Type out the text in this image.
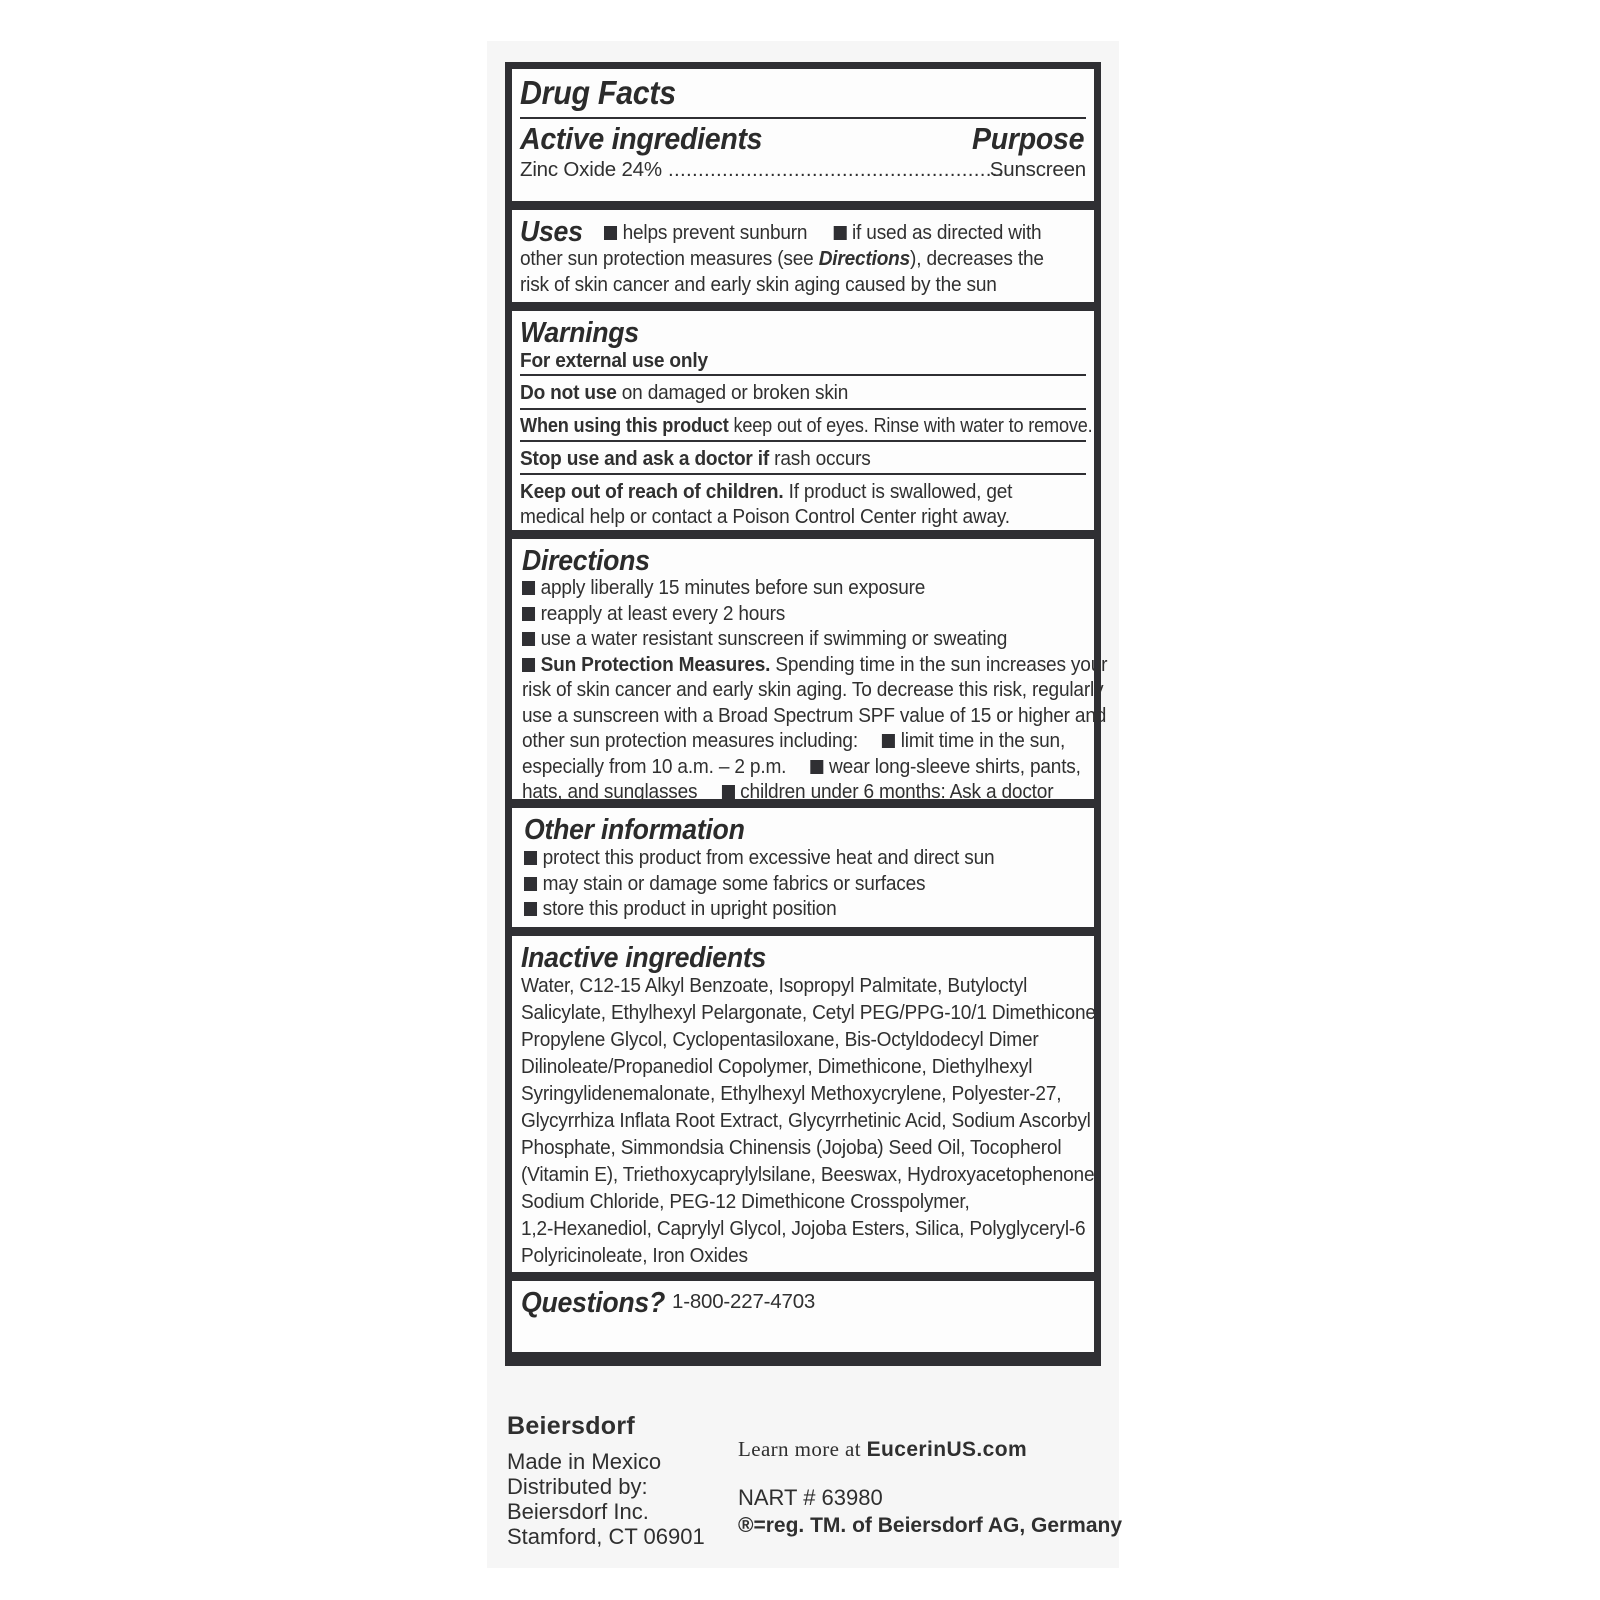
Drug Facts
Active ingredients	Purpose
Zinc Oxide 24% ........................................................
Sunscreen
Uses helps prevent sunburn if used as directed with
other sun protection measures (see Directions), decreases the
risk of skin cancer and early skin aging caused by the sun
Warnings
For external use only
Do not use on damaged or broken skin
When using this product keep out of eyes. Rinse with water to remove.
Stop use and ask a doctor if rash occurs
Keep out of reach of children. If product is swallowed, get
medical help or contact a Poison Control Center right away.
Directions
apply liberally 15 minutes before sun exposure
reapply at least every 2 hours
use a water resistant sunscreen if swimming or sweating
Sun Protection Measures. Spending time in the sun increases your
risk of skin cancer and early skin aging. To decrease this risk, regularly
use a sunscreen with a Broad Spectrum SPF value of 15 or higher and
other sun protection measures including: limit time in the sun,
especially from 10 a.m. – 2 p.m. wear long-sleeve shirts, pants,
hats, and sunglasses children under 6 months: Ask a doctor
Other information
protect this product from excessive heat and direct sun
may stain or damage some fabrics or surfaces
store this product in upright position
Inactive ingredients
Water, C12-15 Alkyl Benzoate, Isopropyl Palmitate, Butyloctyl
Salicylate, Ethylhexyl Pelargonate, Cetyl PEG/PPG-10/1 Dimethicone,
Propylene Glycol, Cyclopentasiloxane, Bis-Octyldodecyl Dimer
Dilinoleate/Propanediol Copolymer, Dimethicone, Diethylhexyl
Syringylidenemalonate, Ethylhexyl Methoxycrylene, Polyester-27,
Glycyrrhiza Inflata Root Extract, Glycyrrhetinic Acid, Sodium Ascorbyl
Phosphate, Simmondsia Chinensis (Jojoba) Seed Oil, Tocopherol
(Vitamin E), Triethoxycaprylylsilane, Beeswax, Hydroxyacetophenone,
Sodium Chloride, PEG-12 Dimethicone Crosspolymer,
1,2-Hexanediol, Caprylyl Glycol, Jojoba Esters, Silica, Polyglyceryl-6
Polyricinoleate, Iron Oxides
Questions? 1-800-227-4703
Beiersdorf
Made in Mexico
Distributed by:
Beiersdorf Inc.
Stamford, CT 06901
Learn more at EucerinUS.com
NART # 63980
®=reg. TM. of Beiersdorf AG, Germany
